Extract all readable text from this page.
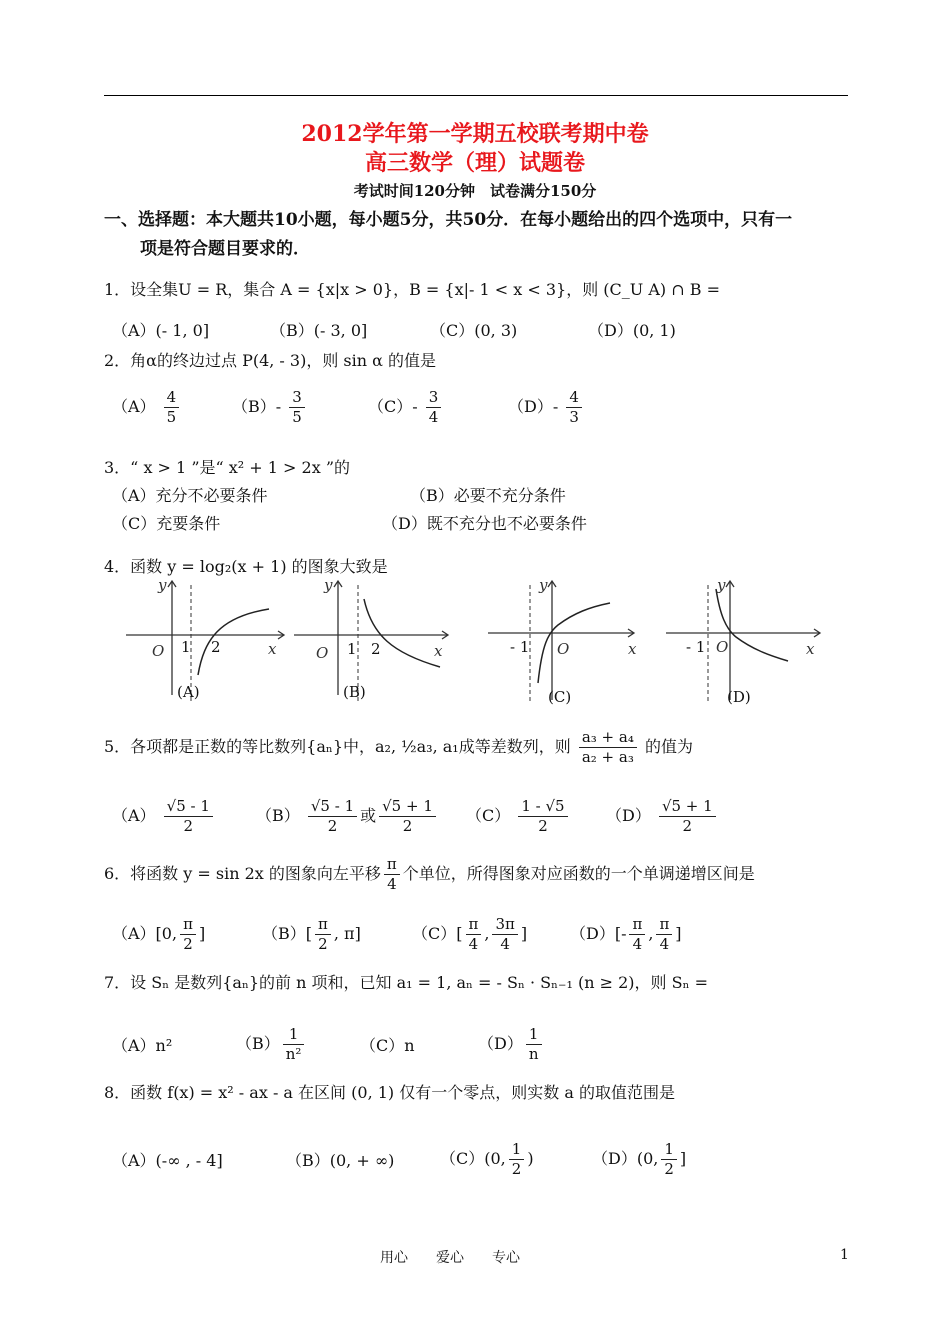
2012学年第一学期五校联考期中卷
高三数学（理）试题卷
考试时间120分钟　试卷满分150分
一、选择题：本大题共10小题，每小题5分，共50分．在每小题给出的四个选项中，只有一
项是符合题目要求的．
1．设全集U = R，集合 A = {x|x > 0}，B = {x|- 1 < x < 3}，则 (C_U A) ∩ B =
（A）(- 1, 0]	（B）(- 3, 0]	（C）(0, 3)	（D）(0, 1)
2．角α的终边过点 P(4, - 3)，则 sin α 的值是
$(A) \frac{4}{5}$	$(B)- \frac{3}{5}$	$(C)- \frac{3}{4}$	$(D)- \frac{4}{3}$
3．“ x > 1 ”是“ x² + 1 > 2x ”的
（A）充分不必要条件	（B）必要不充分条件
（C）充要条件	（D）既不充分也不必要条件
4．函数 y = log₂(x + 1) 的图象大致是
y
O 1 2	x
(A)
y
O 1 2	x
(B)
y
- 1 O	x
(C)
y
- 1 O	x
(D)
5．各项都是正数的等比数列{aₙ}中，a₂, ½a₃, a₁成等差数列，则 $\frac{\text{a₃ + a₄}}{\text{a₂ + a₃}}$ 的值为
$(A) \frac{√5 - 1}{2}$	$(B) \frac{√5 - 1}{2}$ 或 $\frac{√5 + 1}{2} (C) \frac{1 - √5}{2} (D) \frac{√5 + 1}{2}$
6．将函数 y = sin 2x 的图象向左平移 $\frac{\pi}{4}$ 个单位，所得图象对应函数的一个单调递增区间是
（A）[0, $\frac{\pi}{2}$ ]	$(B)[ \frac{\pi}{2}$ , π]	$(C)[ \frac{\pi}{4}$ , $\frac{3\pi}{4}$ ]	$(D)[- \frac{\pi}{4}$ , $\frac{\pi}{4}$ ]
7．设 Sₙ 是数列{aₙ}的前 n 项和，已知 a₁ = 1, aₙ = - Sₙ · Sₙ₋₁ (n ≥ 2)，则 Sₙ =
（A）n²	$(B) \frac{1}{\text{n²}}$	（C）n	$(D) \frac{1}{n}$
8．函数 f(x) = x² - ax - a 在区间 (0, 1) 仅有一个零点，则实数 a 的取值范围是
（A）(-∞ , - 4]	（B）(0, + ∞)	（C）(0, $\frac{1}{2}$ )	（D）(0, $\frac{1}{2}$ ]
用心　　爱心　　专心	1
